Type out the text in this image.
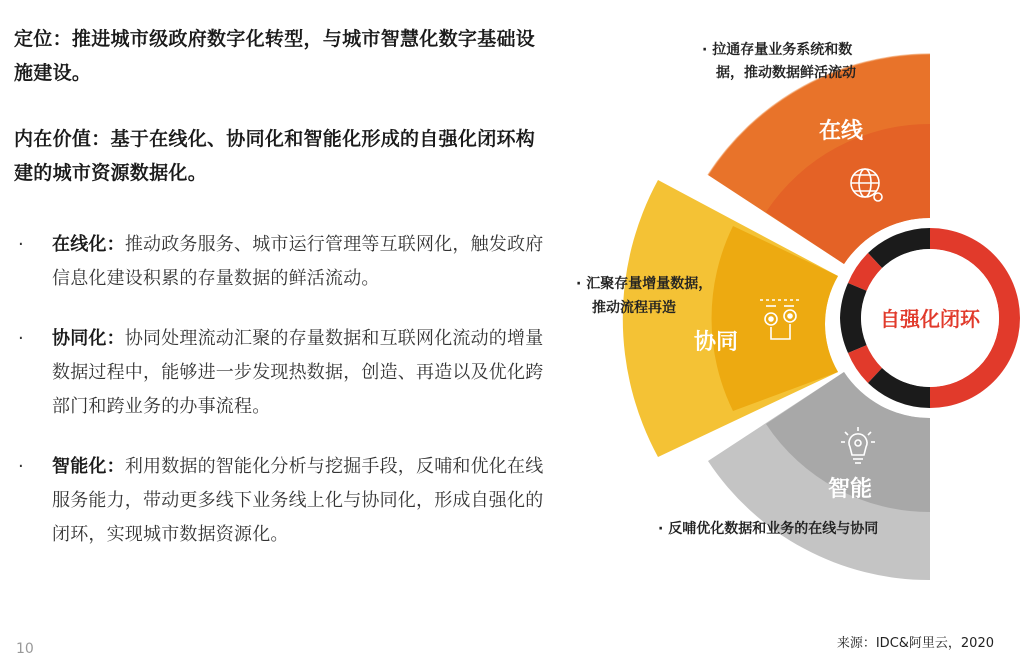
定位：推进城市级政府数字化转型，与城市智慧化数字基础设施建设。
内在价值：基于在线化、协同化和智能化形成的自强化闭环构建的城市资源数据化。
· 在线化：推动政务服务、城市运行管理等互联网化，触发政府信息化建设积累的存量数据的鲜活流动。

· 协同化：协同处理流动汇聚的存量数据和互联网化流动的增量数据过程中，能够进一步发现热数据，创造、再造以及优化跨部门和跨业务的办事流程。

· 智能化：利用数据的智能化分析与挖掘手段，反哺和优化在线服务能力，带动更多线下业务线上化与协同化，形成自强化的闭环，实现城市数据资源化。

自强化闭环
在线
协同
智能
· 拉通存量业务系统和数
据，推动数据鲜活流动
· 汇聚存量增量数据，
推动流程再造
· 反哺优化数据和业务的在线与协同
来源：IDC&阿里云，2020
10
